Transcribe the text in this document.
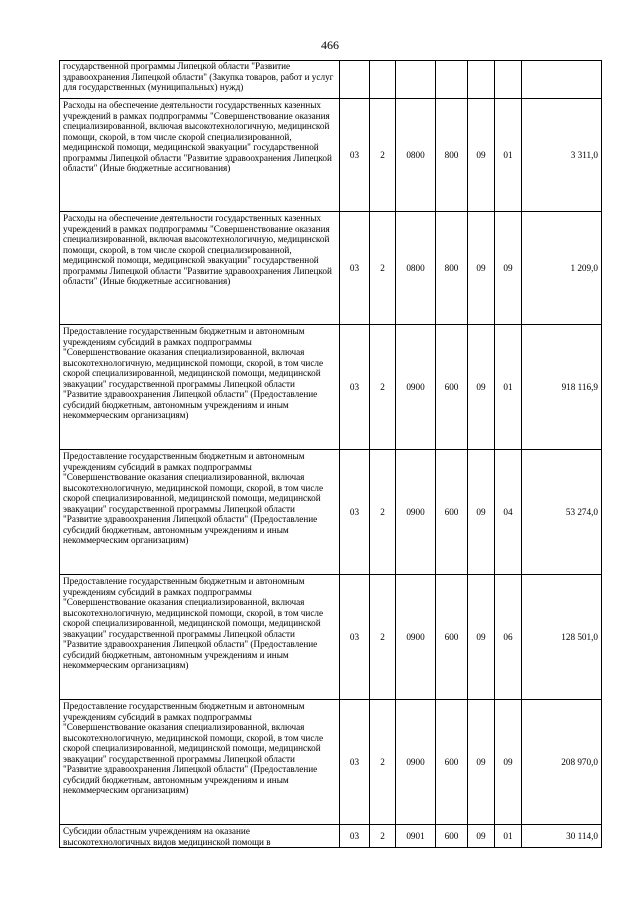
466
государственной программы Липецкой области "Развитие здравоохранения Липецкой области" (Закупка товаров, работ и услуг для государственных (муниципальных) нужд)							
Расходы на обеспечение деятельности государственных казенных учреждений в рамках подпрограммы "Совершенствование оказания специализированной, включая высокотехнологичную, медицинской помощи, скорой, в том числе скорой специализированной, медицинской помощи, медицинской эвакуации" государственной программы Липецкой области "Развитие здравоохранения Липецкой области" (Иные бюджетные ассигнования)	03	2	0800	800	09	01	3 311,0
Расходы на обеспечение деятельности государственных казенных учреждений в рамках подпрограммы "Совершенствование оказания специализированной, включая высокотехнологичную, медицинской помощи, скорой, в том числе скорой специализированной, медицинской помощи, медицинской эвакуации" государственной программы Липецкой области "Развитие здравоохранения Липецкой области" (Иные бюджетные ассигнования)	03	2	0800	800	09	09	1 209,0
Предоставление государственным бюджетным и автономным учреждениям субсидий в рамках подпрограммы "Совершенствование оказания специализированной, включая высокотехнологичную, медицинской помощи, скорой, в том числе скорой специализированной, медицинской помощи, медицинской эвакуации" государственной программы Липецкой области "Развитие здравоохранения Липецкой области" (Предоставление субсидий бюджетным, автономным учреждениям и иным некоммерческим организациям)	03	2	0900	600	09	01	918 116,9
Предоставление государственным бюджетным и автономным учреждениям субсидий в рамках подпрограммы "Совершенствование оказания специализированной, включая высокотехнологичную, медицинской помощи, скорой, в том числе скорой специализированной, медицинской помощи, медицинской эвакуации" государственной программы Липецкой области "Развитие здравоохранения Липецкой области" (Предоставление субсидий бюджетным, автономным учреждениям и иным некоммерческим организациям)	03	2	0900	600	09	04	53 274,0
Предоставление государственным бюджетным и автономным учреждениям субсидий в рамках подпрограммы "Совершенствование оказания специализированной, включая высокотехнологичную, медицинской помощи, скорой, в том числе скорой специализированной, медицинской помощи, медицинской эвакуации" государственной программы Липецкой области "Развитие здравоохранения Липецкой области" (Предоставление субсидий бюджетным, автономным учреждениям и иным некоммерческим организациям)	03	2	0900	600	09	06	128 501,0
Предоставление государственным бюджетным и автономным учреждениям субсидий в рамках подпрограммы "Совершенствование оказания специализированной, включая высокотехнологичную, медицинской помощи, скорой, в том числе скорой специализированной, медицинской помощи, медицинской эвакуации" государственной программы Липецкой области "Развитие здравоохранения Липецкой области" (Предоставление субсидий бюджетным, автономным учреждениям и иным некоммерческим организациям)	03	2	0900	600	09	09	208 970,0
Субсидии областным учреждениям на оказание высокотехнологичных видов медицинской помощи в	03	2	0901	600	09	01	30 114,0
